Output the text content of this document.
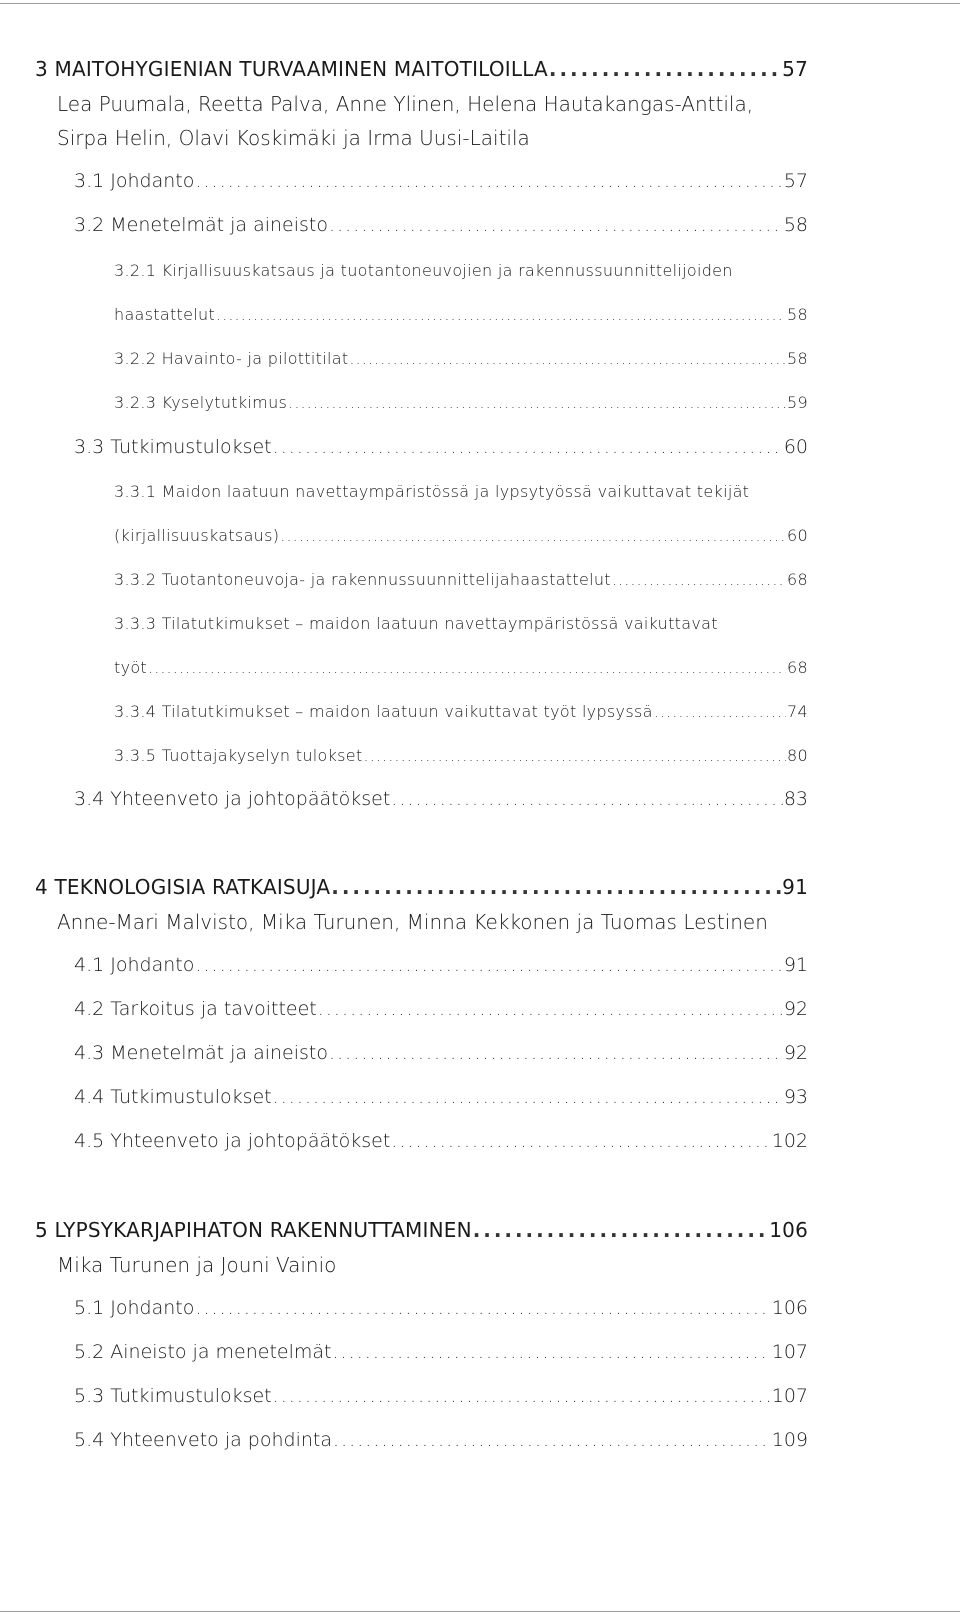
3 MAITOHYGIENIAN TURVAAMINEN MAITOTILOILLA . . .	57
Lea Puumala, Reetta Palva, Anne Ylinen, Helena Hautakangas-Anttila,
Sirpa Helin, Olavi Koskimäki ja Irma Uusi-Laitila
3.1 Johdanto . . .	57
3.2 Menetelmät ja aineisto . . .	58
3.2.1 Kirjallisuuskatsaus ja tuotantoneuvojien ja rakennussuunnittelijoiden
haastattelut . . .	58
3.2.2 Havainto- ja pilottitilat . . .	58
3.2.3 Kyselytutkimus . . .	59
3.3 Tutkimustulokset . . .	60
3.3.1 Maidon laatuun navettaympäristössä ja lypsytyössä vaikuttavat tekijät
(kirjallisuuskatsaus) . . .	60
3.3.2 Tuotantoneuvoja- ja rakennussuunnittelijahaastattelut . . .	68
3.3.3 Tilatutkimukset – maidon laatuun navettaympäristössä vaikuttavat
työt . . .	68
3.3.4 Tilatutkimukset – maidon laatuun vaikuttavat työt lypsyssä . . .	74
3.3.5 Tuottajakyselyn tulokset . . .	80
3.4 Yhteenveto ja johtopäätökset . . .	83
4 TEKNOLOGISIA RATKAISUJA . . .	91
Anne-Mari Malvisto, Mika Turunen, Minna Kekkonen ja Tuomas Lestinen
4.1 Johdanto . . .	91
4.2 Tarkoitus ja tavoitteet . . .	92
4.3 Menetelmät ja aineisto . . .	92
4.4 Tutkimustulokset . . .	93
4.5 Yhteenveto ja johtopäätökset . . .	102
5 LYPSYKARJAPIHATON RAKENNUTTAMINEN . . .	106
Mika Turunen ja Jouni Vainio
5.1 Johdanto . . .	106
5.2 Aineisto ja menetelmät . . .	107
5.3 Tutkimustulokset . . .	107
5.4 Yhteenveto ja pohdinta . . .	109
